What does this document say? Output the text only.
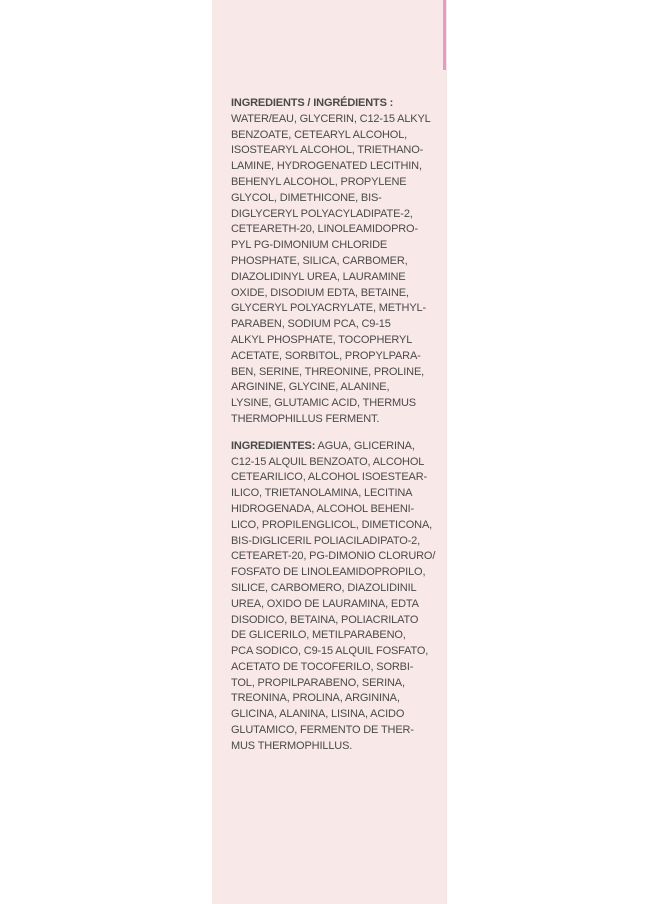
INGREDIENTS / INGRÉDIENTS :
WATER/EAU, GLYCERIN, C12-15 ALKYL
BENZOATE, CETEARYL ALCOHOL,
ISOSTEARYL ALCOHOL, TRIETHANO-
LAMINE, HYDROGENATED LECITHIN,
BEHENYL ALCOHOL, PROPYLENE
GLYCOL, DIMETHICONE, BIS-
DIGLYCERYL POLYACYLADIPATE-2,
CETEARETH-20, LINOLEAMIDOPRO-
PYL PG-DIMONIUM CHLORIDE
PHOSPHATE, SILICA, CARBOMER,
DIAZOLIDINYL UREA, LAURAMINE
OXIDE, DISODIUM EDTA, BETAINE,
GLYCERYL POLYACRYLATE, METHYL-
PARABEN, SODIUM PCA, C9-15
ALKYL PHOSPHATE, TOCOPHERYL
ACETATE, SORBITOL, PROPYLPARA-
BEN, SERINE, THREONINE, PROLINE,
ARGININE, GLYCINE, ALANINE,
LYSINE, GLUTAMIC ACID, THERMUS
THERMOPHILLUS FERMENT.
INGREDIENTES: AGUA, GLICERINA,
C12-15 ALQUIL BENZOATO, ALCOHOL
CETEARILICO, ALCOHOL ISOESTEAR-
ILICO, TRIETANOLAMINA, LECITINA
HIDROGENADA, ALCOHOL BEHENI-
LICO, PROPILENGLICOL, DIMETICONA,
BIS-DIGLICERIL POLIACILADIPATO-2,
CETEARET-20, PG-DIMONIO CLORURO/
FOSFATO DE LINOLEAMIDOPROPILO,
SILICE, CARBOMERO, DIAZOLIDINIL
UREA, OXIDO DE LAURAMINA, EDTA
DISODICO, BETAINA, POLIACRILATO
DE GLICERILO, METILPARABENO,
PCA SODICO, C9-15 ALQUIL FOSFATO,
ACETATO DE TOCOFERILO, SORBI-
TOL, PROPILPARABENO, SERINA,
TREONINA, PROLINA, ARGININA,
GLICINA, ALANINA, LISINA, ACIDO
GLUTAMICO, FERMENTO DE THER-
MUS THERMOPHILLUS.
